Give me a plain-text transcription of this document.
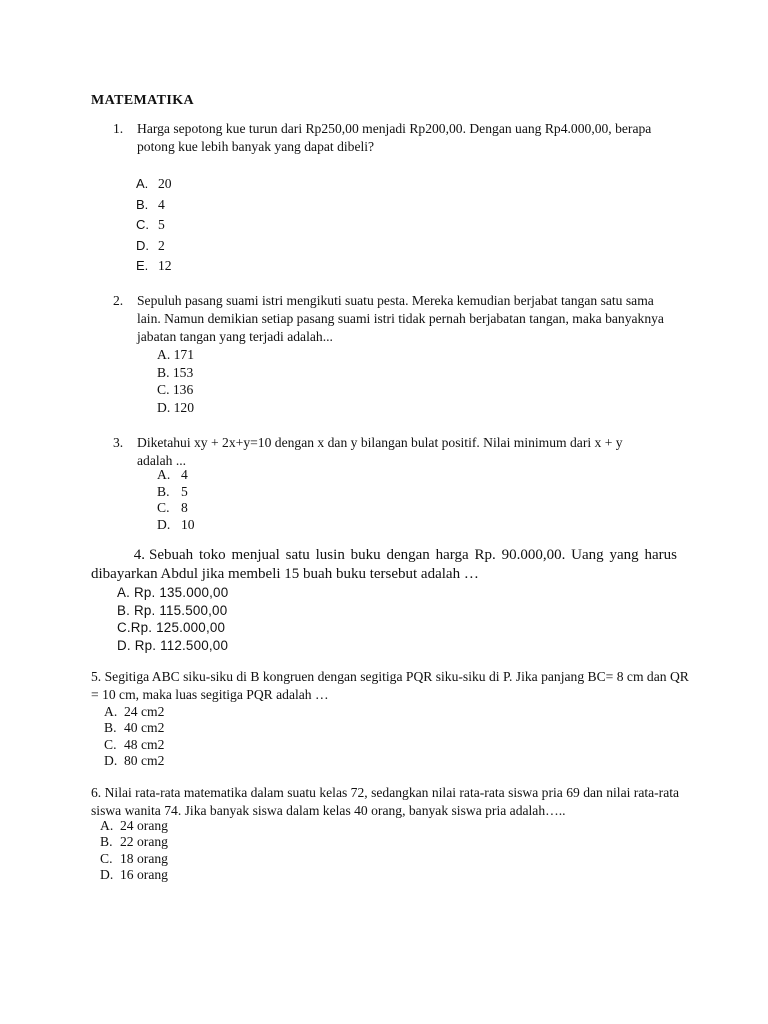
MATEMATIKA
1. Harga sepotong kue turun dari Rp250,00 menjadi Rp200,00. Dengan uang Rp4.000,00, berapa potong kue lebih banyak yang dapat dibeli?
A. 20
B. 4
C. 5
D. 2
E. 12
2. Sepuluh pasang suami istri mengikuti suatu pesta. Mereka kemudian berjabat tangan satu sama lain. Namun demikian setiap pasang suami istri tidak pernah berjabatan tangan, maka banyaknya jabatan tangan yang terjadi adalah...
A. 171
B. 153
C. 136
D. 120
3. Diketahui xy + 2x+y=10 dengan x dan y bilangan bulat positif. Nilai minimum dari x + y adalah ...
A. 4
B. 5
C. 8
D. 10
4. Sebuah toko menjual satu lusin buku dengan harga Rp. 90.000,00. Uang yang harus dibayarkan Abdul jika membeli 15 buah buku tersebut adalah …
A. Rp. 135.000,00
B. Rp. 115.500,00
C.Rp. 125.000,00
D. Rp. 112.500,00
5. Segitiga ABC siku-siku di B kongruen dengan segitiga PQR siku-siku di P. Jika panjang BC= 8 cm dan QR = 10 cm, maka luas segitiga PQR adalah …
A. 24 cm2
B. 40 cm2
C. 48 cm2
D. 80 cm2
6. Nilai rata-rata matematika dalam suatu kelas 72, sedangkan nilai rata-rata siswa pria 69 dan nilai rata-rata siswa wanita 74. Jika banyak siswa dalam kelas 40 orang, banyak siswa pria adalah…..
A. 24 orang
B. 22 orang
C. 18 orang
D. 16 orang
